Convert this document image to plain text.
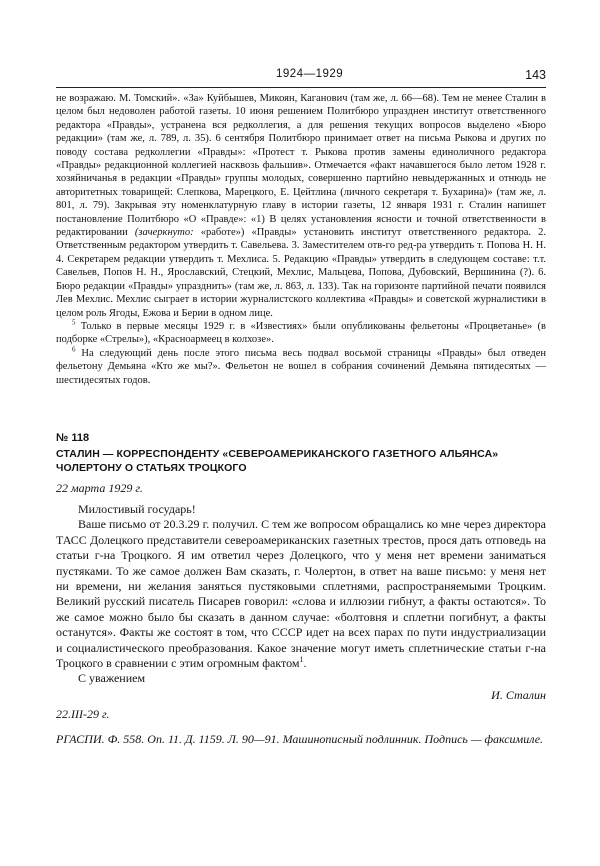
1924—1929	143

не возражаю. М. Томский». «За» Куйбышев, Микоян, Каганович (там же, л. 66—68). Тем не менее Сталин в целом был недоволен работой газеты. 10 июня решением Политбюро упразднен институт ответственного редактора «Правды», устранена вся редколлегия, а для решения текущих вопросов выделено «Бюро редакции» (там же, л. 789, л. 35). 6 сентября Политбюро принимает ответ на письма Рыкова и других по поводу состава редколлегии «Правды»: «Протест т. Рыкова против замены единоличного редактора «Правды» редакционной коллегией насквозь фальшив». Отмечается «факт начавшегося было летом 1928 г. хозяйничанья в редакции «Правды» группы молодых, совершенно партийно невыдержанных и отнюдь не авторитетных товарищей: Слепкова, Марецкого, Е. Цейтлина (личного секретаря т. Бухарина)» (там же, л. 801, л. 79). Закрывая эту номенклатурную главу в истории газеты, 12 января 1931 г. Сталин напишет постановление Политбюро «О «Правде»: «1) В целях установления ясности и точной ответственности в редактировании (зачеркнуто: «работе») «Правды» установить институт ответственного редактора. 2. Ответственным редактором утвердить т. Савельева. 3. Заместителем отв-го ред-ра утвердить т. Попова Н. Н. 4. Секретарем редакции утвердить т. Мехлиса. 5. Редакцию «Правды» утвердить в следующем составе: т.т. Савельев, Попов Н. Н., Ярославский, Стецкий, Мехлис, Мальцева, Попова, Дубовский, Вершинина (?). 6. Бюро редакции «Правды» упразднить» (там же, л. 863, л. 133). Так на горизонте партийной печати появился Лев Мехлис. Мехлис сыграет в истории журналистского коллектива «Правды» и советской журналистики в целом роль Ягоды, Ежова и Берии в одном лице.

$^5$ Только в первые месяцы 1929 г. в «Известиях» были опубликованы фельетоны «Процветанье» (в подборке «Стрелы»), «Красноармеец в колхозе».

$^6$ На следующий день после этого письма весь подвал восьмой страницы «Правды» был отведен фельетону Демьяна «Кто же мы?». Фельетон не вошел в собрания сочинений Демьяна пятидесятых — шестидесятых годов.

№ 118
СТАЛИН — КОРРЕСПОНДЕНТУ «СЕВЕРОАМЕРИКАНСКОГО ГАЗЕТНОГО АЛЬЯНСА» ЧОЛЕРТОНУ О СТАТЬЯХ ТРОЦКОГО
22 марта 1929 г.

Милостивый государь!

Ваше письмо от 20.3.29 г. получил. С тем же вопросом обращались ко мне через директора ТАСС Долецкого представители североамериканских газетных трестов, прося дать отповедь на статьи г-на Троцкого. Я им ответил через Долецкого, что у меня нет времени заниматься пустяками. То же самое должен Вам сказать, г. Чолертон, в ответ на ваше письмо: у меня нет ни времени, ни желания заняться пустяковыми сплетнями, распространяемыми Троцким. Великий русский писатель Писарев говорил: «слова и иллюзии гибнут, а факты остаются». То же самое можно было бы сказать в данном случае: «болтовня и сплетни погибнут, а факты останутся». Факты же состоят в том, что СССР идет на всех парах по пути индустриализации и социалистического преобразования. Какое значение могут иметь сплетнические статьи г-на Троцкого в сравнении с этим огромным фактом$^1$.

С уважением

И. Сталин
22.III-29 г.
РГАСПИ. Ф. 558. Оп. 11. Д. 1159. Л. 90—91. Машинописный подлинник. Подпись — факсимиле.
